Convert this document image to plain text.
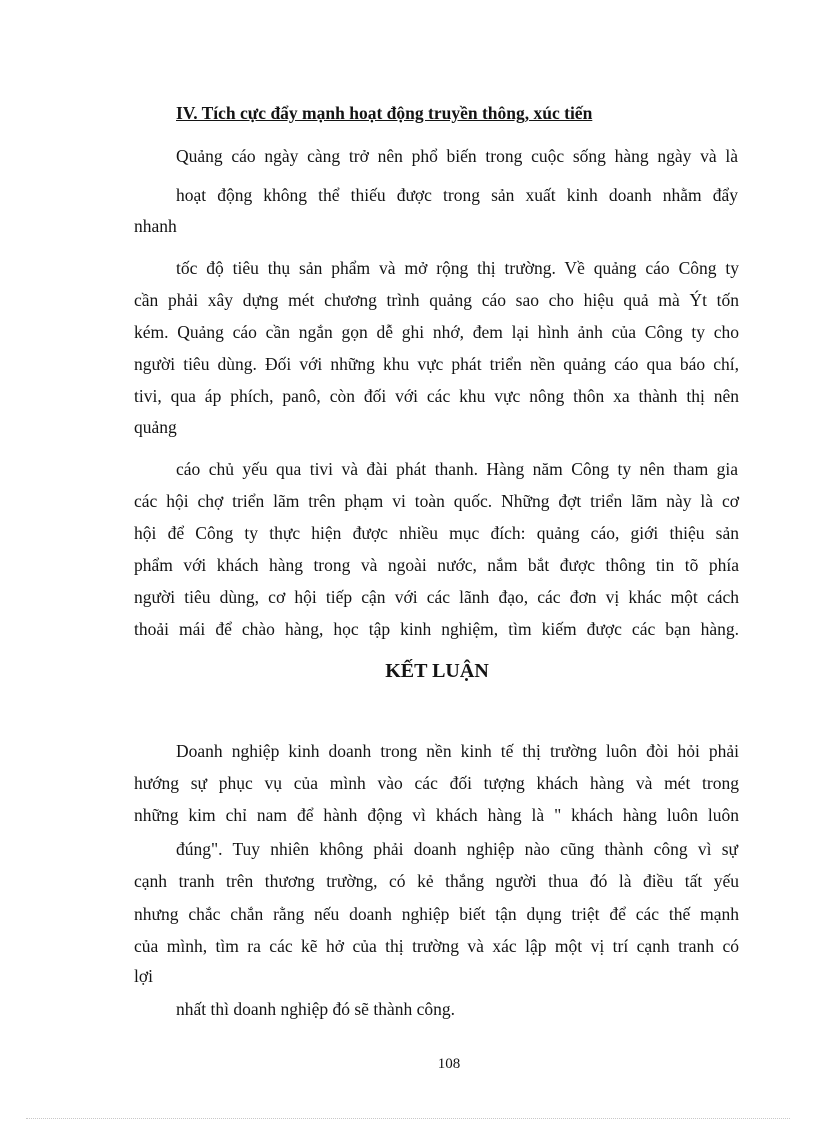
IV. Tích cực đẩy mạnh hoạt động truyền thông, xúc tiến
Quảng cáo ngày càng trở nên phổ biến trong cuộc sống hàng ngày và là
hoạt động không thể thiếu được trong sản xuất kinh doanh nhằm đẩy
nhanh
tốc độ tiêu thụ sản phẩm và mở rộng thị trường. Về quảng cáo Công ty
cần phải xây dựng mét chương trình quảng cáo sao cho hiệu quả mà Ýt tốn
kém. Quảng cáo cần ngắn gọn dễ ghi nhớ, đem lại hình ảnh của Công ty cho
người tiêu dùng. Đối với những khu vực phát triển nền quảng cáo qua báo chí,
tivi, qua áp phích, panô, còn đối với các khu vực nông thôn xa thành thị nên
quảng
cáo chủ yếu qua tivi và đài phát thanh. Hàng năm Công ty nên tham gia
các hội chợ triển lãm trên phạm vi toàn quốc. Những đợt triển lãm này là cơ
hội để Công ty thực hiện được nhiều mục đích: quảng cáo, giới thiệu sản
phẩm với khách hàng trong và ngoài nước, nắm bắt được thông tin tõ phía
người tiêu dùng, cơ hội tiếp cận với các lãnh đạo, các đơn vị khác một cách
thoải mái để chào hàng, học tập kinh nghiệm, tìm kiếm được các bạn hàng.
KẾT LUẬN
Doanh nghiệp kinh doanh trong nền kinh tế thị trường luôn đòi hỏi phải
hướng sự phục vụ của mình vào các đối tượng khách hàng và mét trong
những kim chỉ nam để hành động vì khách hàng là " khách hàng luôn luôn
đúng". Tuy nhiên không phải doanh nghiệp nào cũng thành công vì sự
cạnh tranh trên thương trường, có kẻ thắng người thua đó là điều tất yếu
nhưng chắc chắn rằng nếu doanh nghiệp biết tận dụng triệt để các thế mạnh
của mình, tìm ra các kẽ hở của thị trường và xác lập một vị trí cạnh tranh có
lợi
nhất thì doanh nghiệp đó sẽ thành công.
108
